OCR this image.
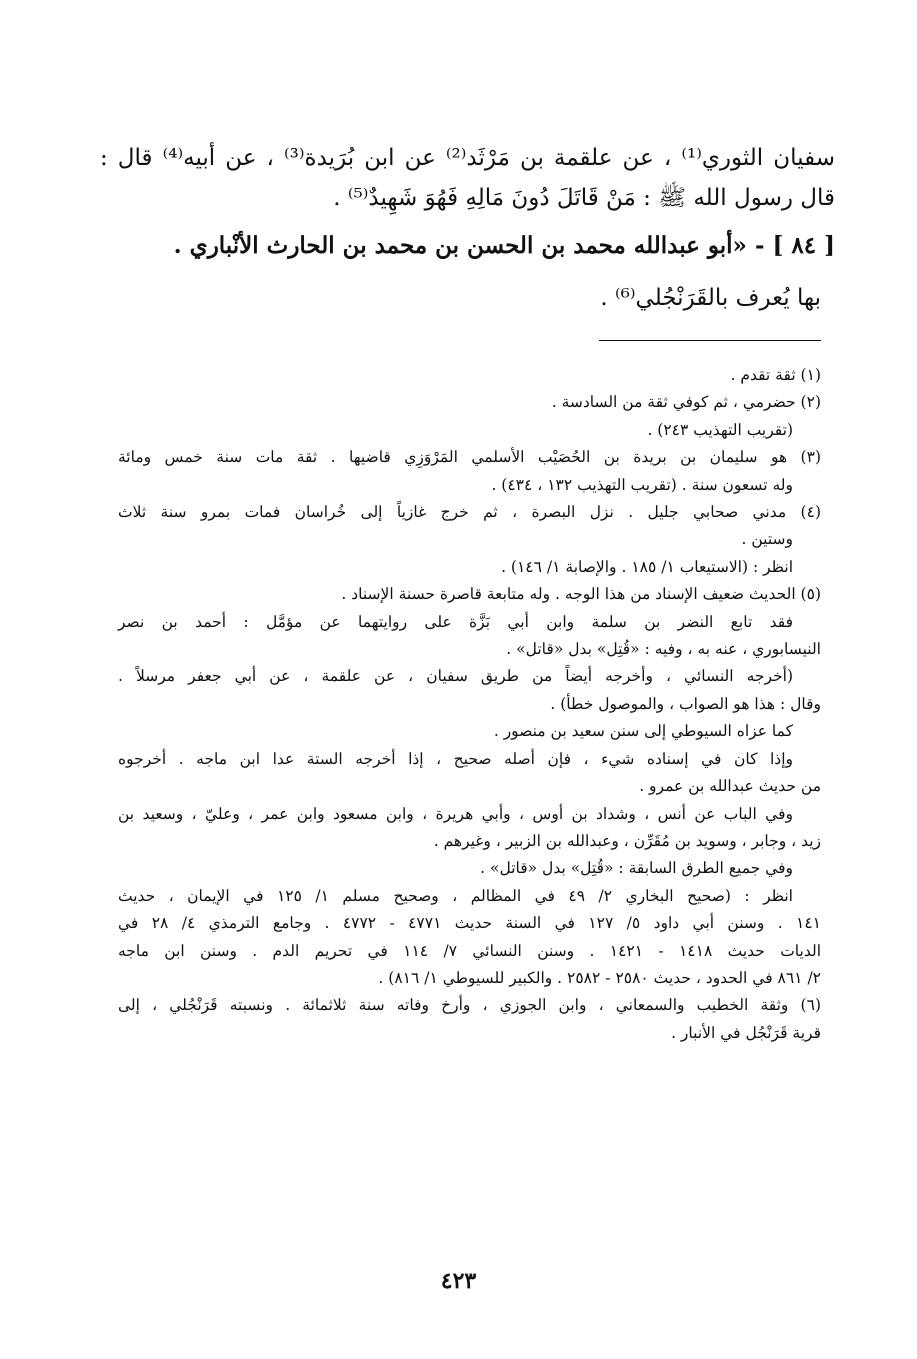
سفيان الثوري⁽¹⁾ ، عن علقمة بن مَرْثَد⁽²⁾ عن ابن بُرَيدة⁽³⁾ ، عن أبيه⁽⁴⁾ قال :
قال رسول الله ﷺ : مَنْ قَاتَلَ دُونَ مَالِهِ فَهُوَ شَهِيدٌ⁽⁵⁾ .
[ ٨٤ ] - «أبو عبدالله محمد بن الحسن بن محمد بن الحارث الأنْباري .
بها يُعرف بالقَرَنْجُلي⁽⁶⁾ .
(١) ثقة تقدم .
(٢) حضرمي ، ثم كوفي ثقة من السادسة .
(تقريب التهذيب ٢٤٣) .
(٣) هو سليمان بن بريدة بن الحُصَيْب الأسلمي المَرْوَزِي قاضيها . ثقة مات سنة خمس ومائة
وله تسعون سنة . (تقريب التهذيب ١٣٢ ، ٤٣٤) .
(٤) مدني صحابي جليل . نزل البصرة ، ثم خرج غازياً إلى خُراسان فمات بمرو سنة ثلاث
وستين .
انظر : (الاستيعاب ١/ ١٨٥ . والإصابة ١/ ١٤٦) .
(٥) الحديث ضعيف الإسناد من هذا الوجه . وله متابعة قاصرة حسنة الإسناد .
فقد تابع النضر بن سلمة وابن أبي بَزَّة على روايتهما عن مؤمَّل : أحمد بن نصر
النيسابوري ، عنه به ، وفيه : «قُتِل» بدل «قاتل» .
(أخرجه النسائي ، وأخرجه أيضاً من طريق سفيان ، عن علقمة ، عن أبي جعفر مرسلاً .
وقال : هذا هو الصواب ، والموصول خطأ) .
كما عزاه السيوطي إلى سنن سعيد بن منصور .
وإذا كان في إسناده شيء ، فإن أصله صحيح ، إذا أخرجه الستة عدا ابن ماجه . أخرجوه
من حديث عبدالله بن عمرو .
وفي الباب عن أنس ، وشداد بن أوس ، وأبي هريرة ، وابن مسعود وابن عمر ، وعليّ ، وسعيد بن
زيد ، وجابر ، وسويد بن مُقَرِّن ، وعبدالله بن الزبير ، وغيرهم .
وفي جميع الطرق السابقة : «قُتِل» بدل «قاتل» .
انظر : (صحيح البخاري ٢/ ٤٩ في المظالم ، وصحيح مسلم ١/ ١٢٥ في الإيمان ، حديث
١٤١ . وسنن أبي داود ٥/ ١٢٧ في السنة حديث ٤٧٧١ - ٤٧٧٢ . وجامع الترمذي ٤/ ٢٨ في
الديات حديث ١٤١٨ - ١٤٢١ . وسنن النسائي ٧/ ١١٤ في تحريم الدم . وسنن ابن ماجه
٢/ ٨٦١ في الحدود ، حديث ٢٥٨٠ - ٢٥٨٢ . والكبير للسيوطي ١/ ٨١٦) .
(٦) وثقة الخطيب والسمعاني ، وابن الجوزي ، وأرخ وفاته سنة ثلاثمائة . ونسبته قَرَنْجُلي ، إلى
قرية قَرَنْجُل في الأنبار .
٤٢٣
